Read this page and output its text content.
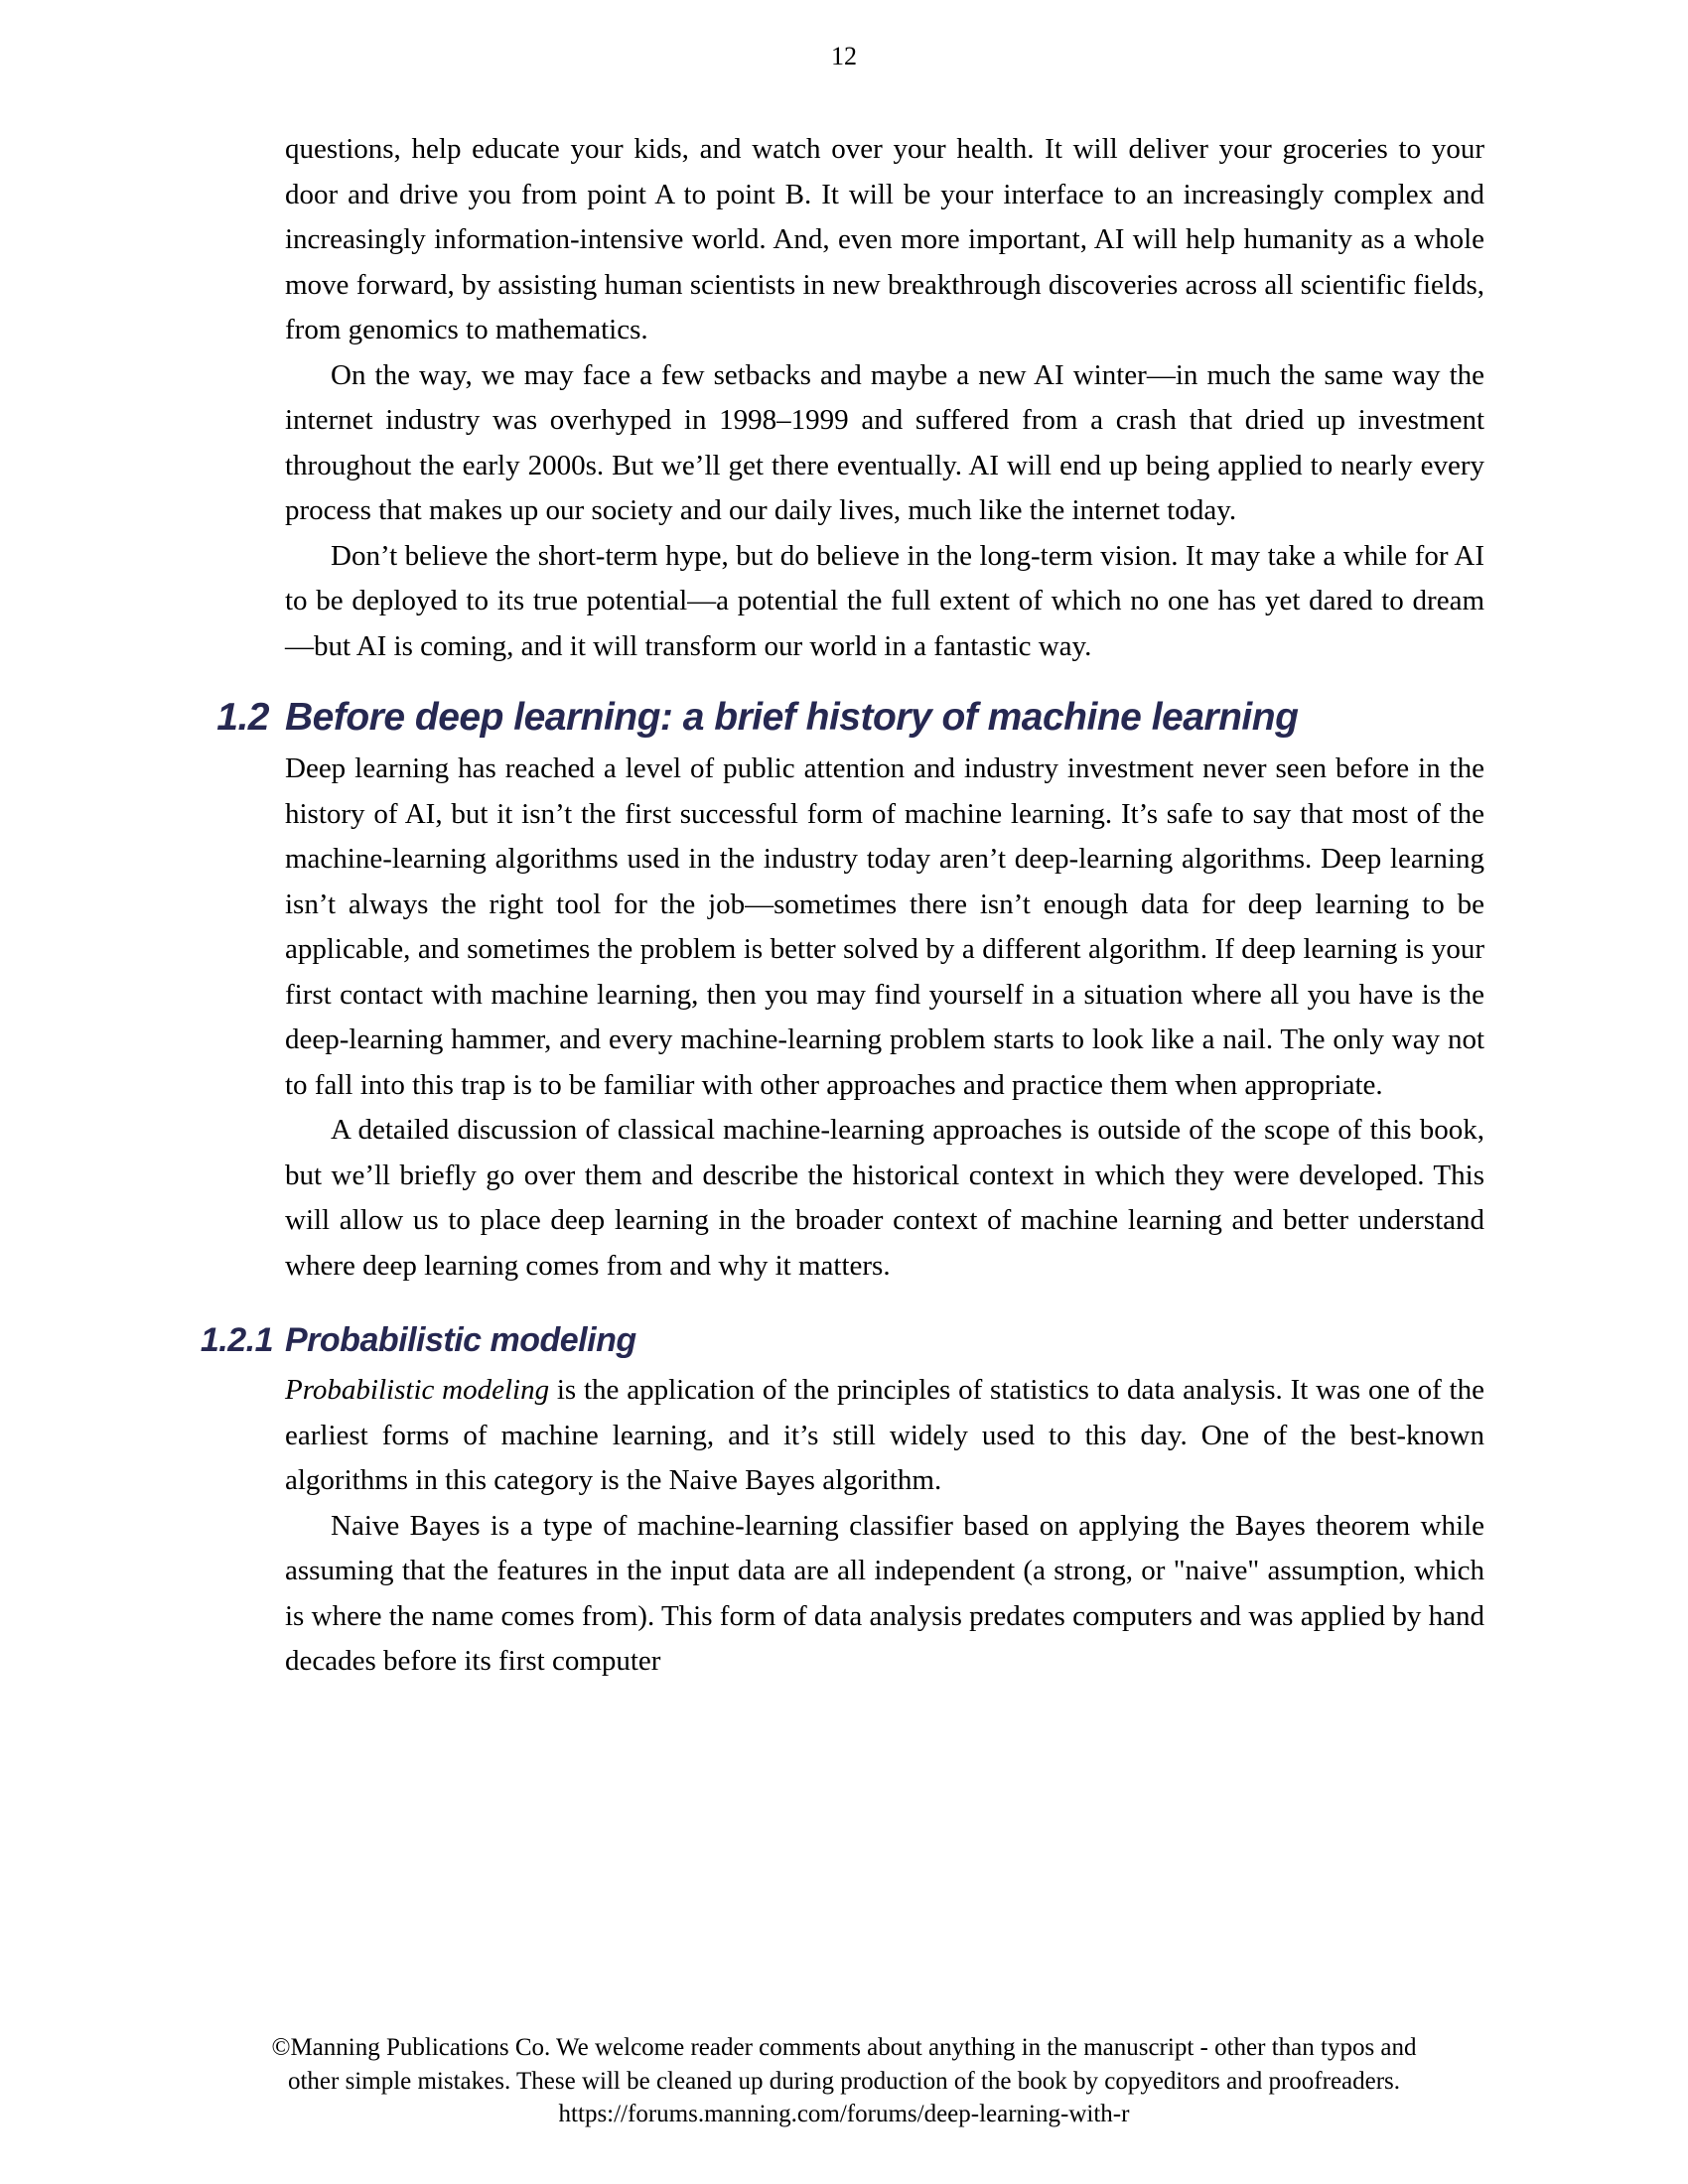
12

questions, help educate your kids, and watch over your health. It will deliver your groceries to your door and drive you from point A to point B. It will be your interface to an increasingly complex and increasingly information-intensive world. And, even more important, AI will help humanity as a whole move forward, by assisting human scientists in new breakthrough discoveries across all scientific fields, from genomics to mathematics.

On the way, we may face a few setbacks and maybe a new AI winter—in much the same way the internet industry was overhyped in 1998–1999 and suffered from a crash that dried up investment throughout the early 2000s. But we’ll get there eventually. AI will end up being applied to nearly every process that makes up our society and our daily lives, much like the internet today.

Don’t believe the short-term hype, but do believe in the long-term vision. It may take a while for AI to be deployed to its true potential—a potential the full extent of which no one has yet dared to dream—but AI is coming, and it will transform our world in a fantastic way.

1.2 Before deep learning: a brief history of machine learning

Deep learning has reached a level of public attention and industry investment never seen before in the history of AI, but it isn’t the first successful form of machine learning. It’s safe to say that most of the machine-learning algorithms used in the industry today aren’t deep-learning algorithms. Deep learning isn’t always the right tool for the job—sometimes there isn’t enough data for deep learning to be applicable, and sometimes the problem is better solved by a different algorithm. If deep learning is your first contact with machine learning, then you may find yourself in a situation where all you have is the deep-learning hammer, and every machine-learning problem starts to look like a nail. The only way not to fall into this trap is to be familiar with other approaches and practice them when appropriate.

A detailed discussion of classical machine-learning approaches is outside of the scope of this book, but we’ll briefly go over them and describe the historical context in which they were developed. This will allow us to place deep learning in the broader context of machine learning and better understand where deep learning comes from and why it matters.

1.2.1 Probabilistic modeling

Probabilistic modeling is the application of the principles of statistics to data analysis. It was one of the earliest forms of machine learning, and it’s still widely used to this day. One of the best-known algorithms in this category is the Naive Bayes algorithm.

Naive Bayes is a type of machine-learning classifier based on applying the Bayes theorem while assuming that the features in the input data are all independent (a strong, or "naive" assumption, which is where the name comes from). This form of data analysis predates computers and was applied by hand decades before its first computer

©Manning Publications Co. We welcome reader comments about anything in the manuscript - other than typos and
other simple mistakes. These will be cleaned up during production of the book by copyeditors and proofreaders.
https://forums.manning.com/forums/deep-learning-with-r
